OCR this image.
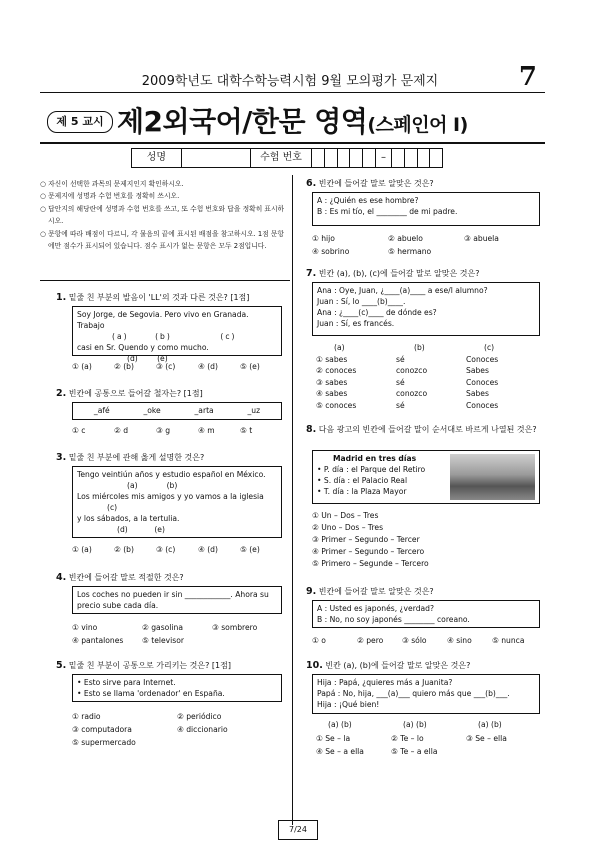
2009학년도 대학수학능력시험 9월 모의평가 문제지	7
제 5 교시 제2외국어/한문 영역(스페인어 I)
성명	수험 번호	–

○ 자신이 선택한 과목의 문제지인지 확인하시오.

○ 문제지에 성명과 수험 번호를 정확히 쓰시오.

○ 답안지의 해당란에 성명과 수험 번호를 쓰고, 또 수험 번호와 답을 정확히 표시하시오.

○ 문항에 따라 배점이 다르니, 각 물음의 끝에 표시된 배점을 참고하시오. 1점 문항에만 점수가 표시되어 있습니다. 점수 표시가 없는 문항은 모두 2점입니다.

1. 밑줄 친 부분의 발음이 'LL'의 것과 다른 것은? [1점]
Soy Jorge, de Segovia. Pero vivo en Granada. Trabajo
(a)	(b)	(c)
casi en Sr. Quendo y como mucho.
(d)	(e)
① (a)	② (b)	③ (c)	④ (d)	⑤ (e)
2. 빈칸에 공통으로 들어갈 철자는? [1점]
_afé	_oke	_arta	_uz
① c	② d	③ g	④ m	⑤ t
3. 밑줄 친 부분에 관해 옳게 설명한 것은?
Tengo veintiún años y estudio español en México.
(a)	(b)
Los miércoles mis amigos y yo vamos a la iglesia
(c)
y los sábados, a la tertulia.
(d)	(e)
① (a)	② (b)	③ (c)	④ (d)	⑤ (e)
4. 빈칸에 들어갈 말로 적절한 것은?
Los coches no pueden ir sin ____________. Ahora su
precio sube cada día.
① vino	② gasolina	③ sombrero
④ pantalones	⑤ televisor
5. 밑줄 친 부분이 공통으로 가리키는 것은? [1점]
• Esto sirve para Internet.
• Esto se llama 'ordenador' en España.
① radio	② periódico
③ computadora	④ diccionario
⑤ supermercado
6. 빈칸에 들어갈 말로 알맞은 것은?
A : ¿Quién es ese hombre?
B : Es mi tío, el ________ de mi padre.
① hijo	② abuelo	③ abuela
④ sobrino	⑤ hermano
7. 빈칸 (a), (b), (c)에 들어갈 말로 알맞은 것은?
Ana : Oye, Juan, ¿____(a)____ a ese/l alumno?
Juan : Sí, lo ____(b)____.
Ana : ¿____(c)____ de dónde es?
Juan : Sí, es francés.
(a)	(b)	(c)
① sabes	sé	Conoces
② conoces	conozco	Sabes
③ sabes	sé	Conoces
④ sabes	conozco	Sabes
⑤ conoces	sé	Conoces
8. 다음 광고의 빈칸에 들어갈 말이 순서대로 바르게 나열된 것은?
Madrid en tres días
• P. día : el Parque del Retiro
• S. día : el Palacio Real
• T. día : la Plaza Mayor
① Un – Dos – Tres
② Uno – Dos – Tres
③ Primer – Segundo – Tercer
④ Primer – Segundo – Tercero
⑤ Primero – Segunde – Tercero
9. 빈칸에 들어갈 말로 알맞은 것은?
A : Usted es japonés, ¿verdad?
B : No, no soy japonés ________ coreano.
① o	② pero	③ sólo	④ sino	⑤ nunca
10. 빈칸 (a), (b)에 들어갈 말로 알맞은 것은?
Hija : Papá, ¿quieres más a Juanita?
Papá : No, hija, ___(a)___ quiero más que ___(b)___.
Hija : ¡Qué bien!
(a) (b)	(a) (b)	(a) (b)
① Se – la	② Te – lo	③ Se – ella
④ Se – a ella	⑤ Te – a ella
7/24
